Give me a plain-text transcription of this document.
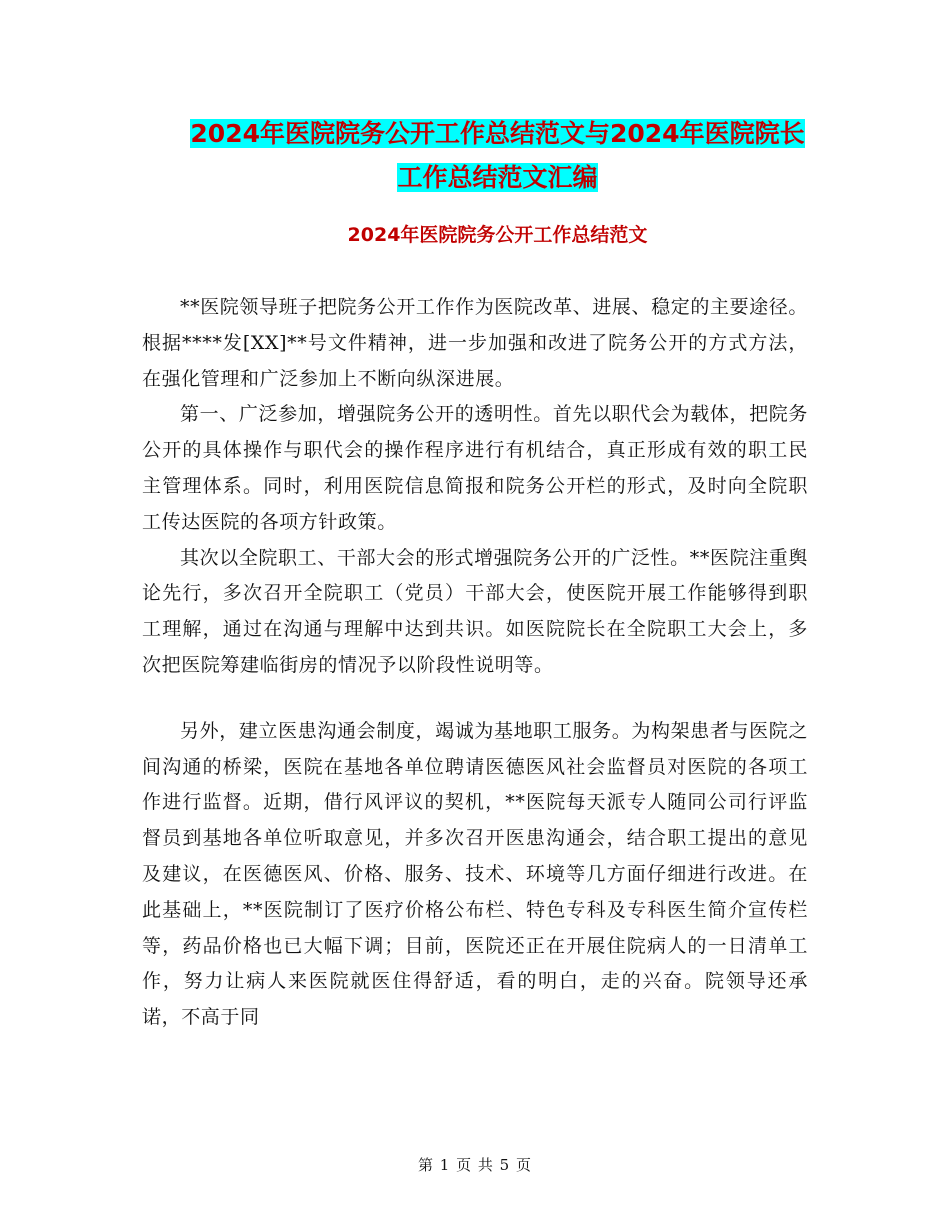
2024年医院院务公开工作总结范文与2024年医院院长
工作总结范文汇编
2024年医院院务公开工作总结范文

**医院领导班子把院务公开工作作为医院改革、进展、稳定的主要途径。根据****发[XX]**号文件精神，进一步加强和改进了院务公开的方式方法，在强化管理和广泛参加上不断向纵深进展。

第一、广泛参加，增强院务公开的透明性。首先以职代会为载体，把院务公开的具体操作与职代会的操作程序进行有机结合，真正形成有效的职工民主管理体系。同时，利用医院信息简报和院务公开栏的形式，及时向全院职工传达医院的各项方针政策。

其次以全院职工、干部大会的形式增强院务公开的广泛性。**医院注重舆论先行，多次召开全院职工（党员）干部大会，使医院开展工作能够得到职工理解，通过在沟通与理解中达到共识。如医院院长在全院职工大会上，多次把医院筹建临街房的情况予以阶段性说明等。

另外，建立医患沟通会制度，竭诚为基地职工服务。为构架患者与医院之间沟通的桥梁，医院在基地各单位聘请医德医风社会监督员对医院的各项工作进行监督。近期，借行风评议的契机，**医院每天派专人随同公司行评监督员到基地各单位听取意见，并多次召开医患沟通会，结合职工提出的意见及建议，在医德医风、价格、服务、技术、环境等几方面仔细进行改进。在此基础上，**医院制订了医疗价格公布栏、特色专科及专科医生简介宣传栏等，药品价格也已大幅下调；目前，医院还正在开展住院病人的一日清单工作，努力让病人来医院就医住得舒适，看的明白，走的兴奋。院领导还承诺，不高于同

第 1 页 共 5 页
